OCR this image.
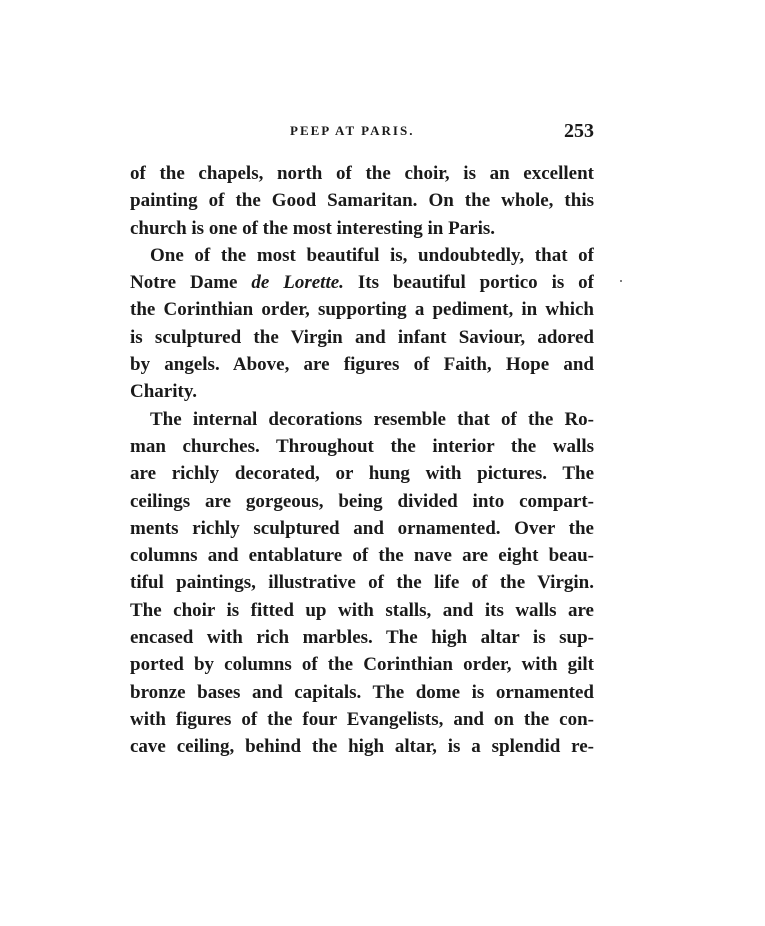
PEEP AT PARIS.	253
of the chapels, north of the choir, is an excellent
painting of the Good Samaritan. On the whole, this
church is one of the most interesting in Paris.
One of the most beautiful is, undoubtedly, that of
Notre Dame de Lorette. Its beautiful portico is of
the Corinthian order, supporting a pediment, in which
is sculptured the Virgin and infant Saviour, adored
by angels. Above, are figures of Faith, Hope and
Charity.
The internal decorations resemble that of the Ro-
man churches. Throughout the interior the walls
are richly decorated, or hung with pictures. The
ceilings are gorgeous, being divided into compart-
ments richly sculptured and ornamented. Over the
columns and entablature of the nave are eight beau-
tiful paintings, illustrative of the life of the Virgin.
The choir is fitted up with stalls, and its walls are
encased with rich marbles. The high altar is sup-
ported by columns of the Corinthian order, with gilt
bronze bases and capitals. The dome is ornamented
with figures of the four Evangelists, and on the con-
cave ceiling, behind the high altar, is a splendid re-
